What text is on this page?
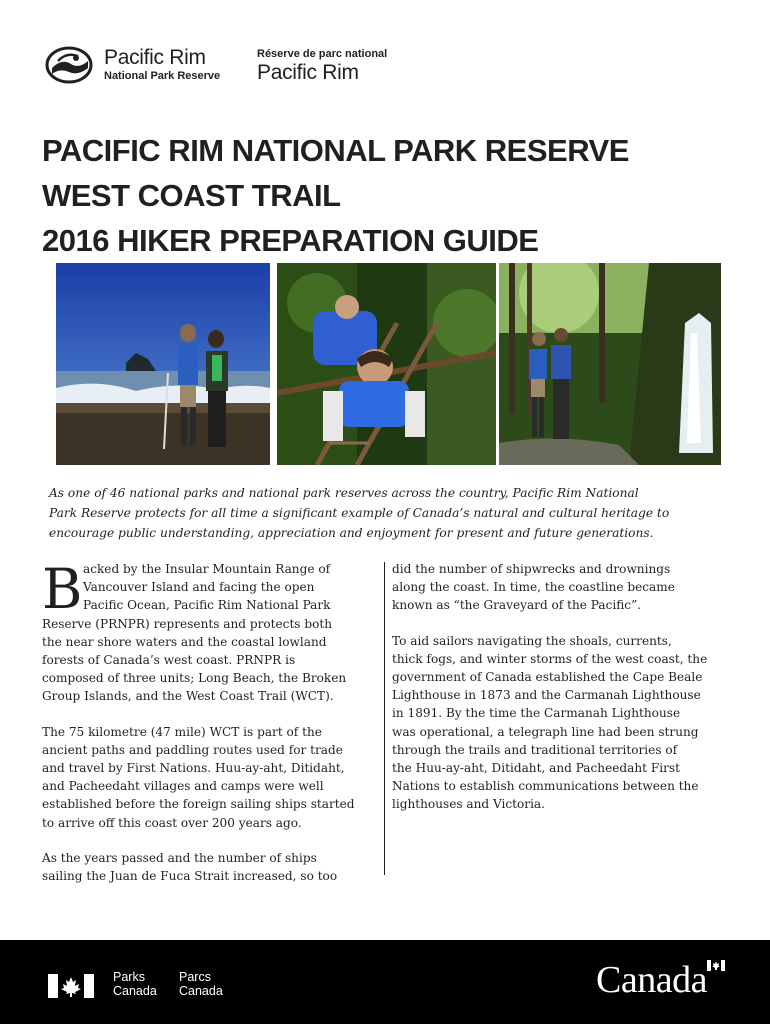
Pacific Rim
National Park Reserve
Réserve de parc national
Pacific Rim
PACIFIC RIM NATIONAL PARK RESERVE
WEST COAST TRAIL
2016 HIKER PREPARATION GUIDE
As one of 46 national parks and national park reserves across the country, Pacific Rim National
Park Reserve protects for all time a significant example of Canada’s natural and cultural heritage to
encourage public understanding, appreciation and enjoyment for present and future generations.
B acked by the Insular Mountain Range of
Vancouver Island and facing the open
Pacific Ocean, Pacific Rim National Park
Reserve (PRNPR) represents and protects both
the near shore waters and the coastal lowland
forests of Canada’s west coast. PRNPR is
composed of three units; Long Beach, the Broken
Group Islands, and the West Coast Trail (WCT).
The 75 kilometre (47 mile) WCT is part of the
ancient paths and paddling routes used for trade
and travel by First Nations. Huu-ay-aht, Ditidaht,
and Pacheedaht villages and camps were well
established before the foreign sailing ships started
to arrive off this coast over 200 years ago.
As the years passed and the number of ships
sailing the Juan de Fuca Strait increased, so too
did the number of shipwrecks and drownings
along the coast. In time, the coastline became
known as “the Graveyard of the Pacific”.
To aid sailors navigating the shoals, currents,
thick fogs, and winter storms of the west coast, the
government of Canada established the Cape Beale
Lighthouse in 1873 and the Carmanah Lighthouse
in 1891. By the time the Carmanah Lighthouse
was operational, a telegraph line had been strung
through the trails and traditional territories of
the Huu-ay-aht, Ditidaht, and Pacheedaht First
Nations to establish communications between the
lighthouses and Victoria.
Parks
Canada
Parcs
Canada	Canada
